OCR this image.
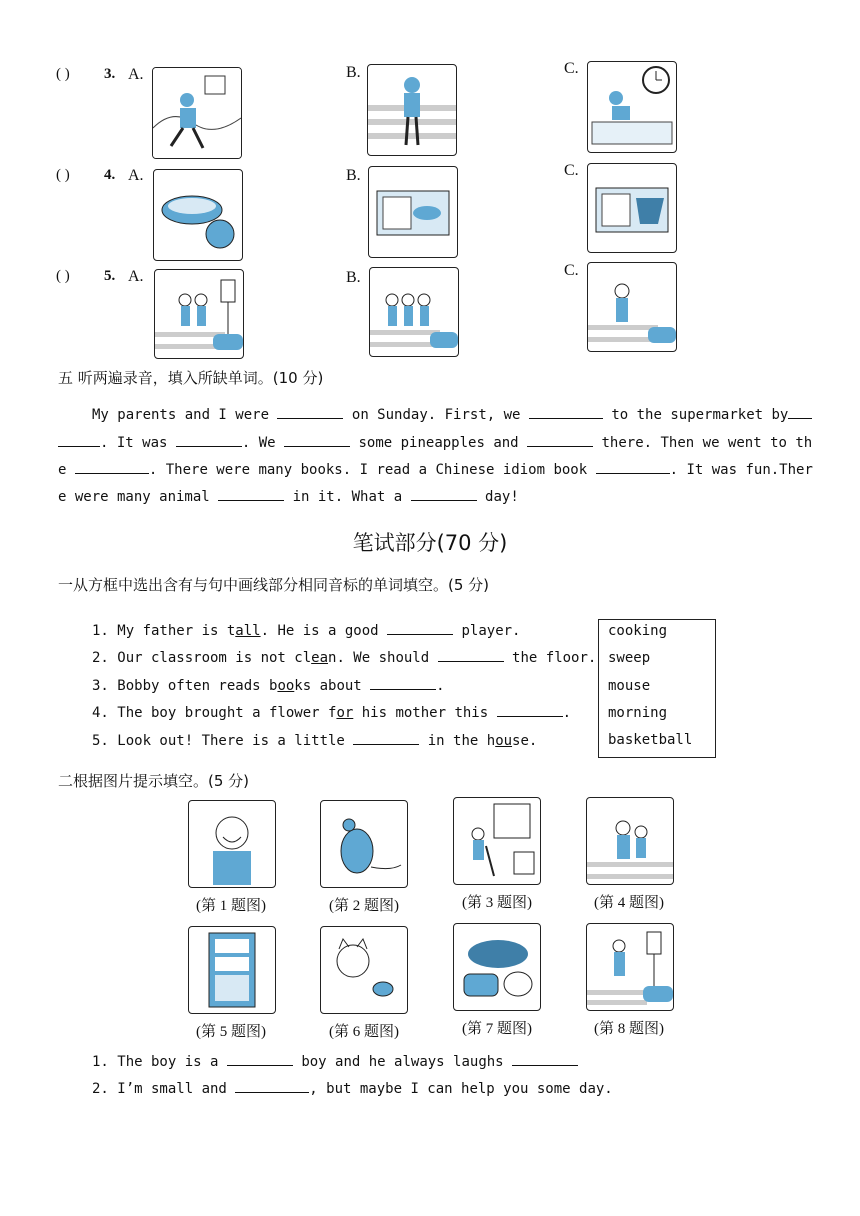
( ) 3. A.	B.	C.
( ) 4. A.	B.	C.
( ) 5. A.	B.	C.
五 听两遍录音，填入所缺单词。(10 分)
My parents and I were	on Sunday. First, we	to the supermarket by
. It was	. We	some pineapples and	there. Then we went to th
e	. There were many books. I read a Chinese idiom book	. It was fun.Ther
e were many animal	in it. What a	day!
笔试部分(70 分)
一从方框中选出含有与句中画线部分相同音标的单词填空。(5 分)
1. My father is tall. He is a good	player.
2. Our classroom is not clean. We should	the floor.
3. Bobby often reads books about	.
4. The boy brought a flower for his mother this	.
5. Look out! There is a little	in the house.
cooking
sweep
mouse
morning
basketball
二根据图片提示填空。(5 分)
(第 1 题图)	(第 2 题图)	(第 3 题图)	(第 4 题图)
(第 5 题图)	(第 6 题图)	(第 7 题图)	(第 8 题图)
1. The boy is a	boy and he always laughs
2. I’m small and	, but maybe I can help you some day.
